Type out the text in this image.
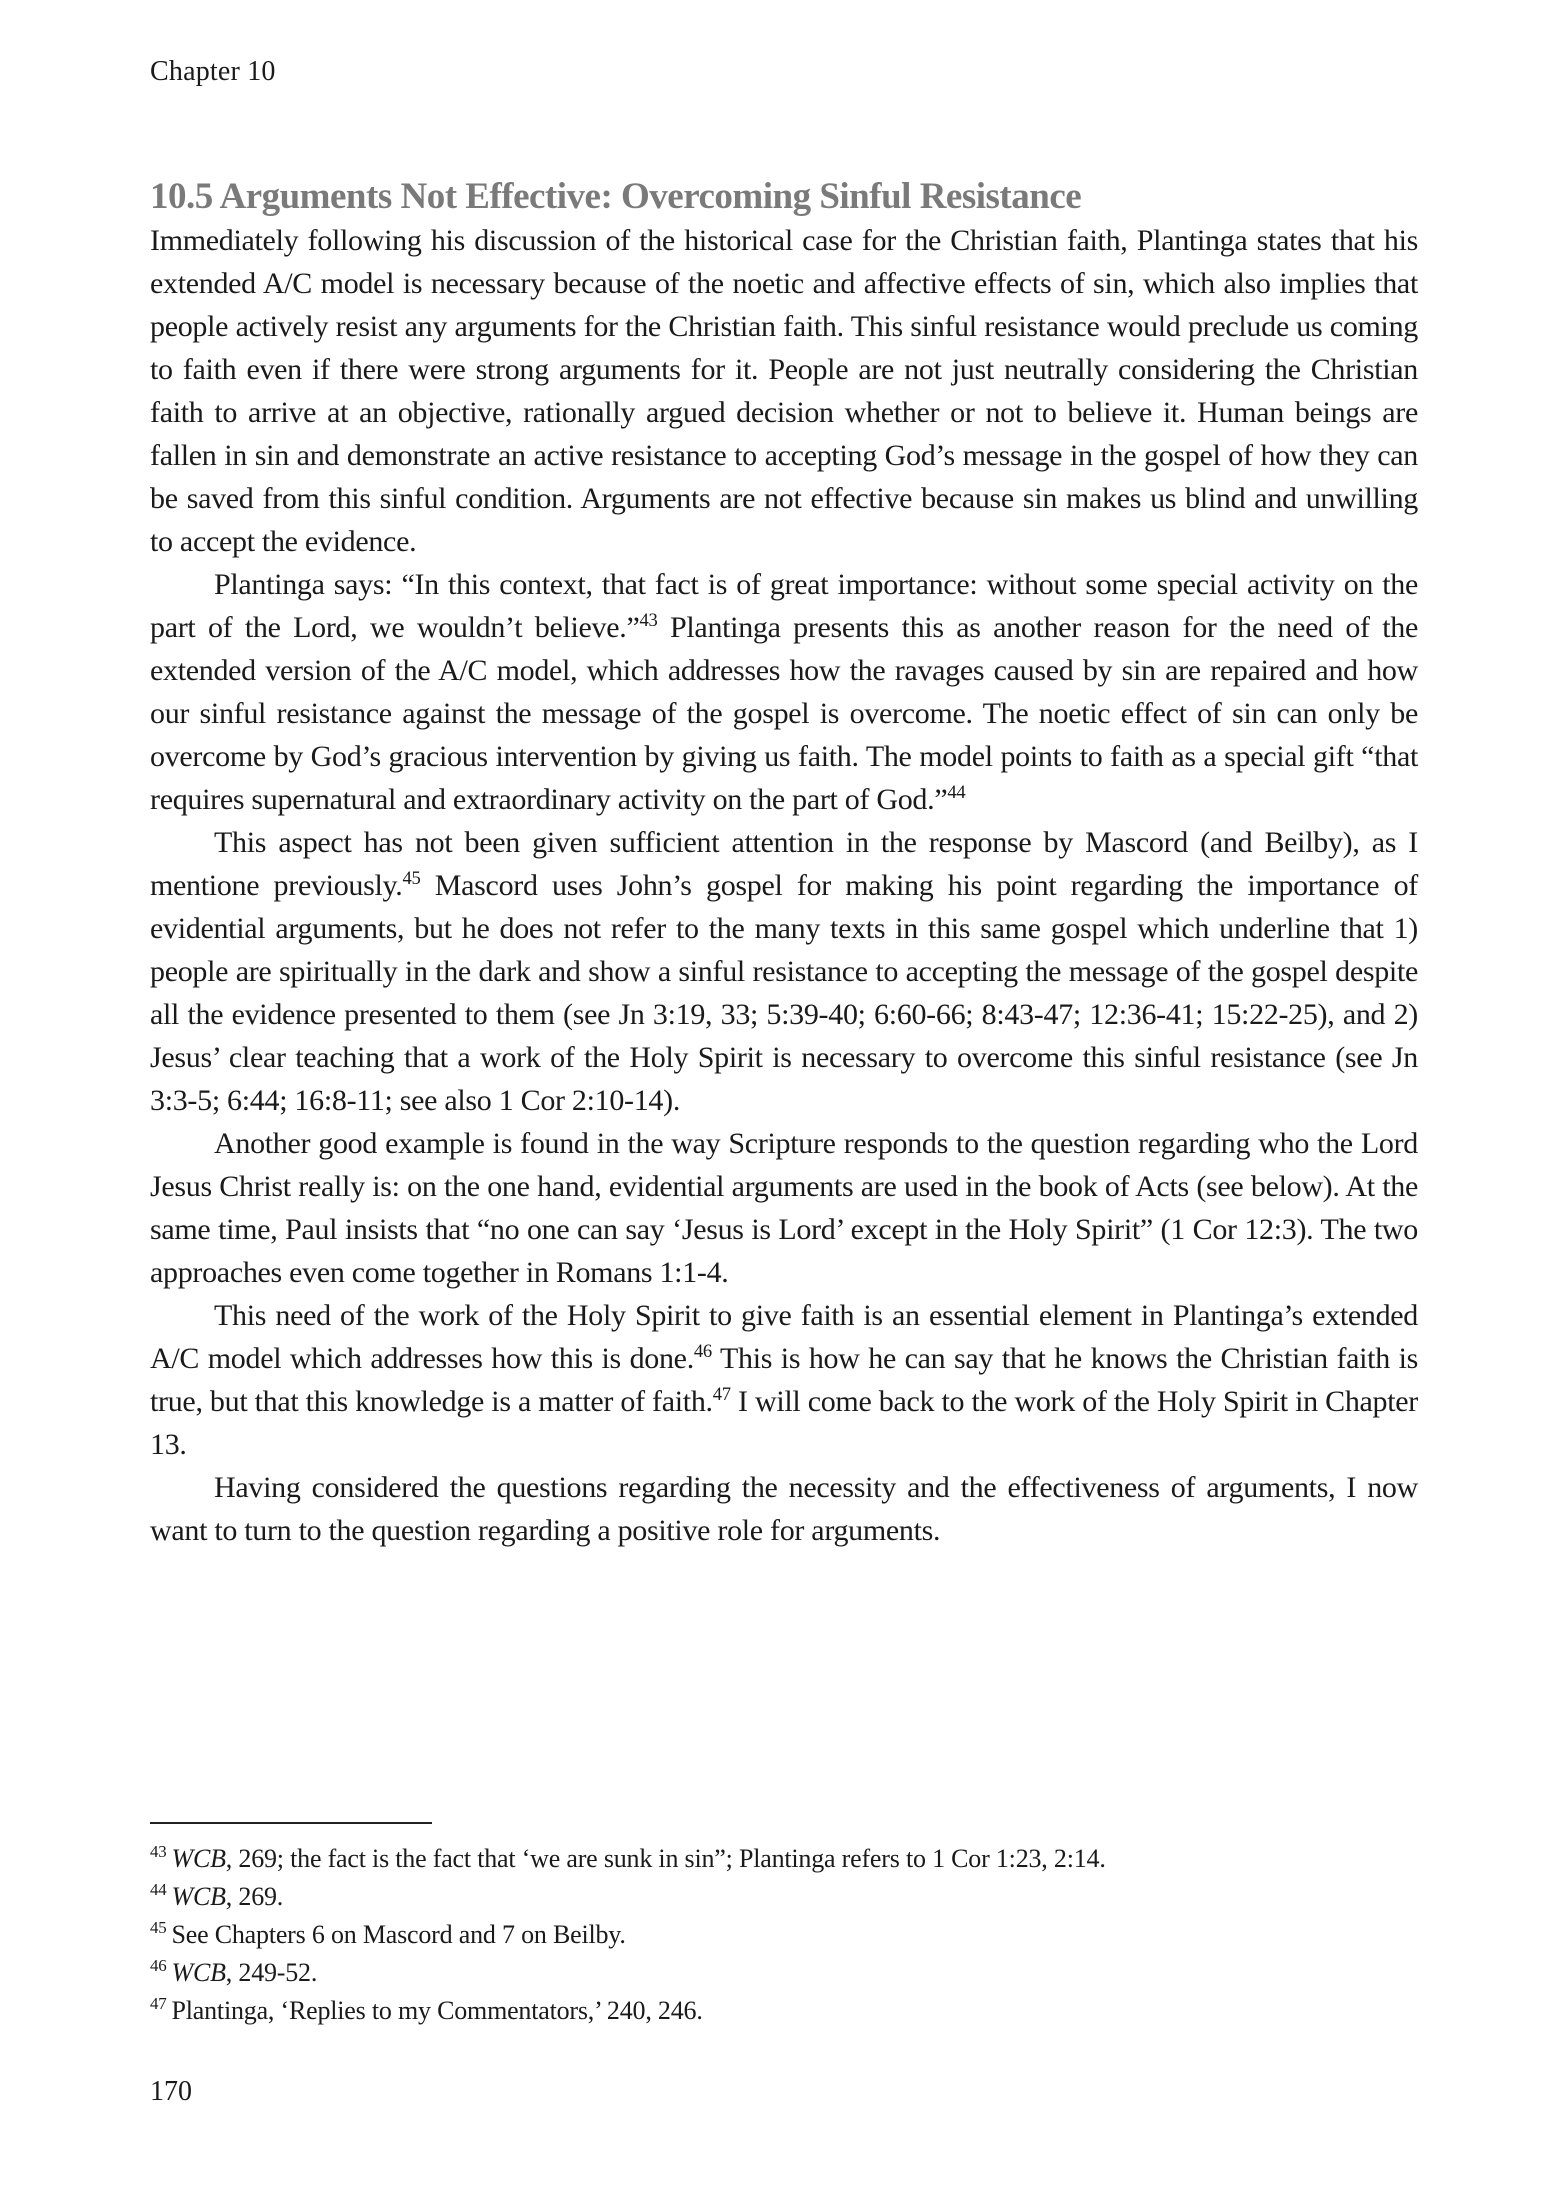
Chapter 10
10.5 Arguments Not Effective: Overcoming Sinful Resistance

Immediately following his discussion of the historical case for the Christian faith, Plantinga states that his extended A/C model is necessary because of the noetic and affective effects of sin, which also implies that people actively resist any arguments for the Christian faith. This sinful resistance would preclude us coming to faith even if there were strong arguments for it. People are not just neutrally considering the Christian faith to arrive at an objective, rationally argued decision whether or not to believe it. Human beings are fallen in sin and demonstrate an active resistance to accepting God’s message in the gospel of how they can be saved from this sinful condition. Arguments are not effective because sin makes us blind and unwilling to accept the evidence.

Plantinga says: “In this context, that fact is of great importance: without some special activity on the part of the Lord, we wouldn’t believe.”$^{43}$ Plantinga presents this as another reason for the need of the extended version of the A/C model, which addresses how the ravages caused by sin are repaired and how our sinful resistance against the message of the gospel is overcome. The noetic effect of sin can only be overcome by God’s gracious intervention by giving us faith. The model points to faith as a special gift “that requires supernatural and extraordinary activity on the part of God.”$^{44}$

This aspect has not been given sufficient attention in the response by Mascord (and Beilby), as I mentione previously.$^{45}$ Mascord uses John’s gospel for making his point regarding the importance of evidential arguments, but he does not refer to the many texts in this same gospel which underline that 1) people are spiritually in the dark and show a sinful resistance to accepting the message of the gospel despite all the evidence presented to them (see Jn 3:19, 33; 5:39-40; 6:60-66; 8:43-47; 12:36-41; 15:22-25), and 2) Jesus’ clear teaching that a work of the Holy Spirit is necessary to overcome this sinful resistance (see Jn 3:3-5; 6:44; 16:8-11; see also 1 Cor 2:10-14).

Another good example is found in the way Scripture responds to the question regarding who the Lord Jesus Christ really is: on the one hand, evidential arguments are used in the book of Acts (see below). At the same time, Paul insists that “no one can say ‘Jesus is Lord’ except in the Holy Spirit” (1 Cor 12:3). The two approaches even come together in Romans 1:1-4.

This need of the work of the Holy Spirit to give faith is an essential element in Plantinga’s extended A/C model which addresses how this is done.$^{46}$ This is how he can say that he knows the Christian faith is true, but that this knowledge is a matter of faith.$^{47}$ I will come back to the work of the Holy Spirit in Chapter 13.

Having considered the questions regarding the necessity and the effectiveness of arguments, I now want to turn to the question regarding a positive role for arguments.

$^{43}$ WCB, 269; the fact is the fact that ‘we are sunk in sin”; Plantinga refers to 1 Cor 1:23, 2:14.
$^{44}$ WCB, 269.
$^{45}$ See Chapters 6 on Mascord and 7 on Beilby.
$^{46}$ WCB, 249-52.
$^{47}$ Plantinga, ‘Replies to my Commentators,’ 240, 246.
170
